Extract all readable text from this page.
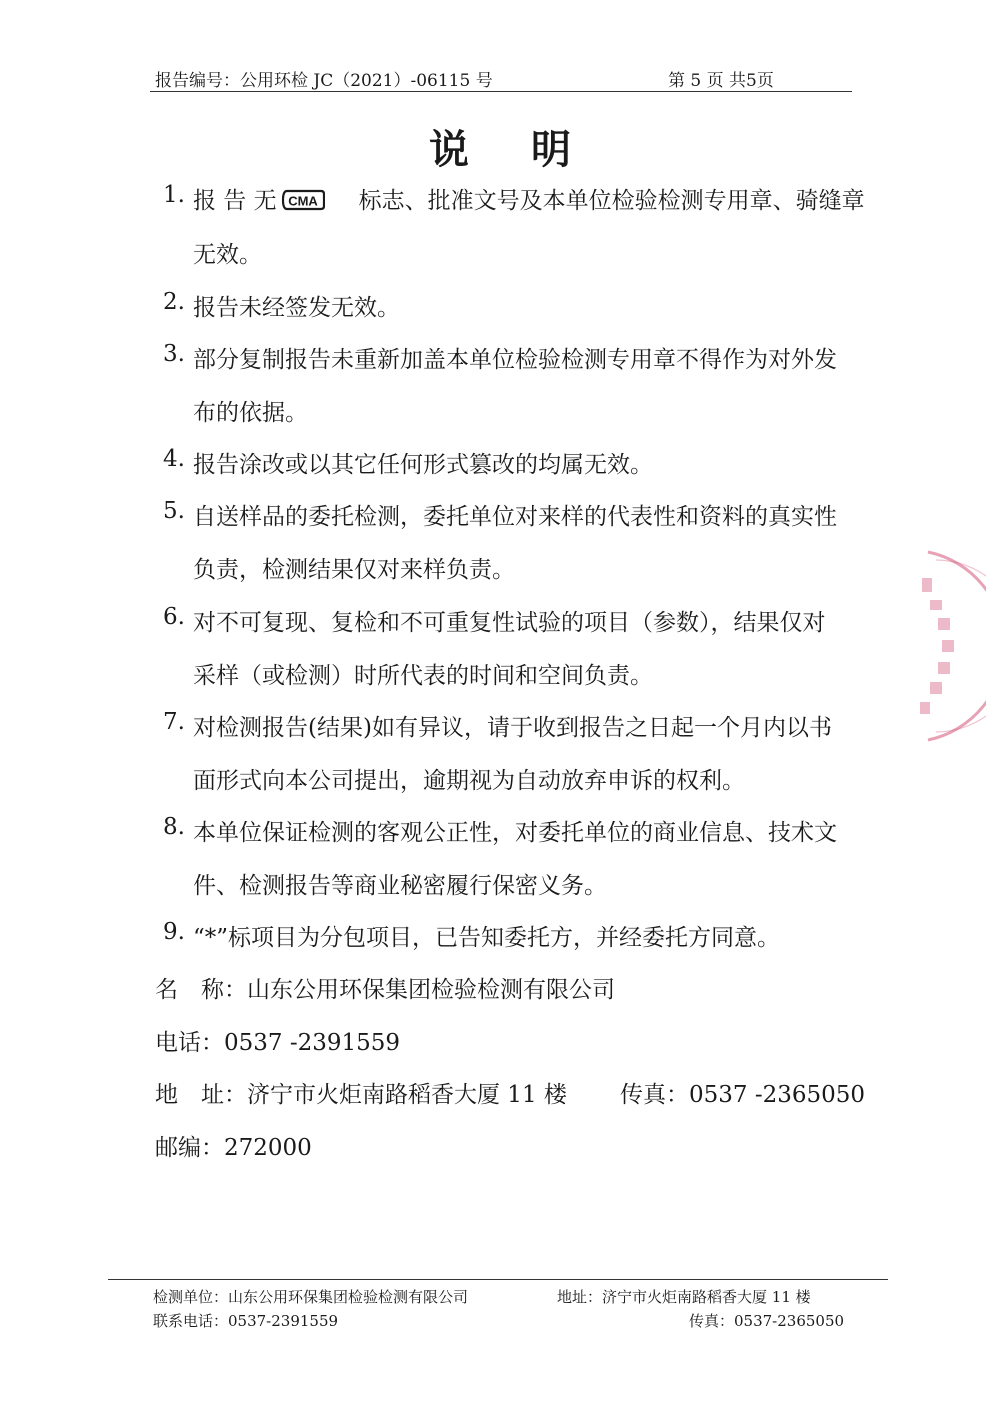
报告编号：公用环检 JC（2021）-06115 号	第 5 页 共5页
说明
1. 报 告 无 CMA 标志、批准文号及本单位检验检测专用章、骑缝章
无效。
2. 报告未经签发无效。
3. 部分复制报告未重新加盖本单位检验检测专用章不得作为对外发
布的依据。
4. 报告涂改或以其它任何形式篡改的均属无效。
5. 自送样品的委托检测，委托单位对来样的代表性和资料的真实性
负责，检测结果仅对来样负责。
6. 对不可复现、复检和不可重复性试验的项目（参数），结果仅对
采样（或检测）时所代表的时间和空间负责。
7. 对检测报告(结果)如有异议，请于收到报告之日起一个月内以书
面形式向本公司提出，逾期视为自动放弃申诉的权利。
8. 本单位保证检测的客观公正性，对委托单位的商业信息、技术文
件、检测报告等商业秘密履行保密义务。
9. “*”标项目为分包项目，已告知委托方，并经委托方同意。
名　称：山东公用环保集团检验检测有限公司
电话：0537 -2391559
地　址：济宁市火炬南路稻香大厦 11 楼 传真：0537 -2365050
邮编：272000
检测单位：山东公用环保集团检验检测有限公司	地址：济宁市火炬南路稻香大厦 11 楼
联系电话：0537-2391559	传真：0537-2365050
